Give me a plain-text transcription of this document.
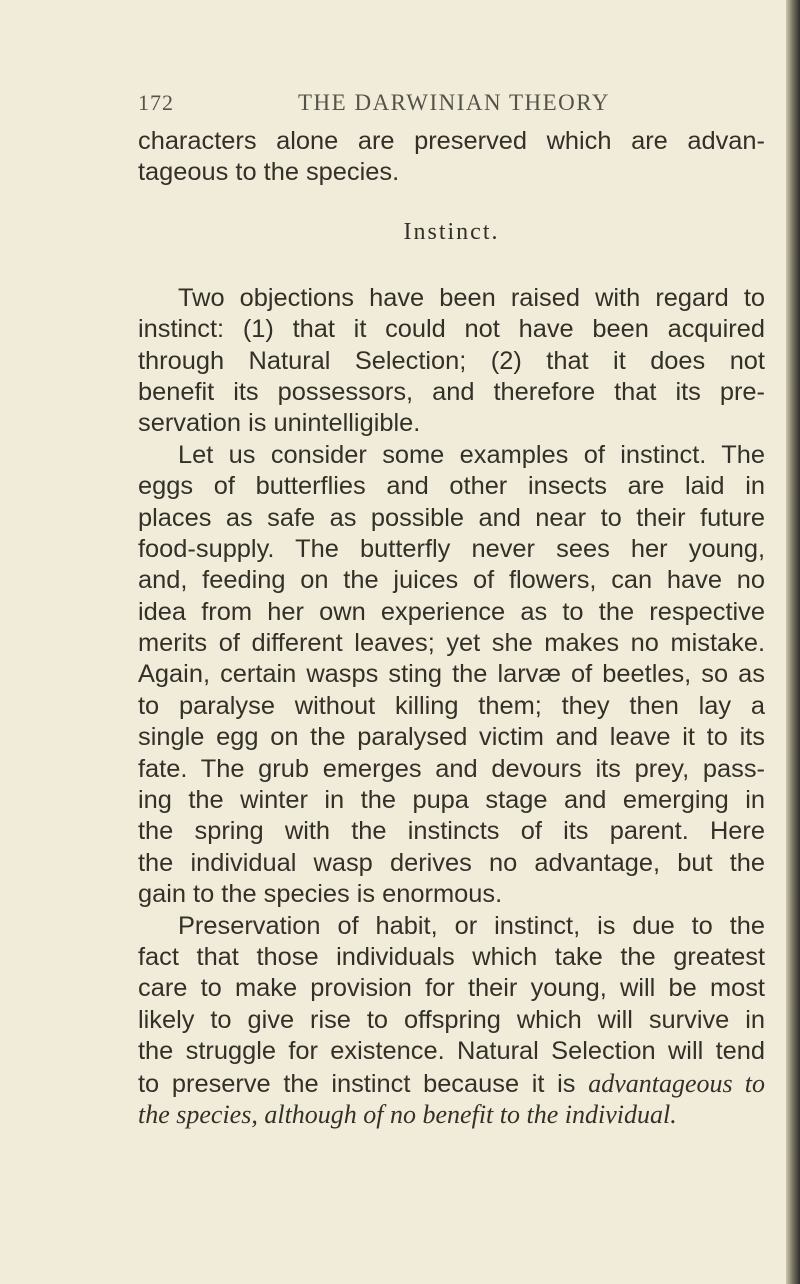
172	THE DARWINIAN THEORY
characters alone are preserved which are advan-
tageous to the species.
Instinct.
Two objections have been raised with regard to
instinct: (1) that it could not have been acquired
through Natural Selection; (2) that it does not
benefit its possessors, and therefore that its pre-
servation is unintelligible.
Let us consider some examples of instinct. The
eggs of butterflies and other insects are laid in
places as safe as possible and near to their future
food-supply. The butterfly never sees her young,
and, feeding on the juices of flowers, can have no
idea from her own experience as to the respective
merits of different leaves; yet she makes no mistake.
Again, certain wasps sting the larvæ of beetles, so as
to paralyse without killing them; they then lay a
single egg on the paralysed victim and leave it to its
fate. The grub emerges and devours its prey, pass-
ing the winter in the pupa stage and emerging in
the spring with the instincts of its parent. Here
the individual wasp derives no advantage, but the
gain to the species is enormous.
Preservation of habit, or instinct, is due to the
fact that those individuals which take the greatest
care to make provision for their young, will be most
likely to give rise to offspring which will survive in
the struggle for existence. Natural Selection will tend
to preserve the instinct because it is advantageous to
the species, although of no benefit to the individual.
